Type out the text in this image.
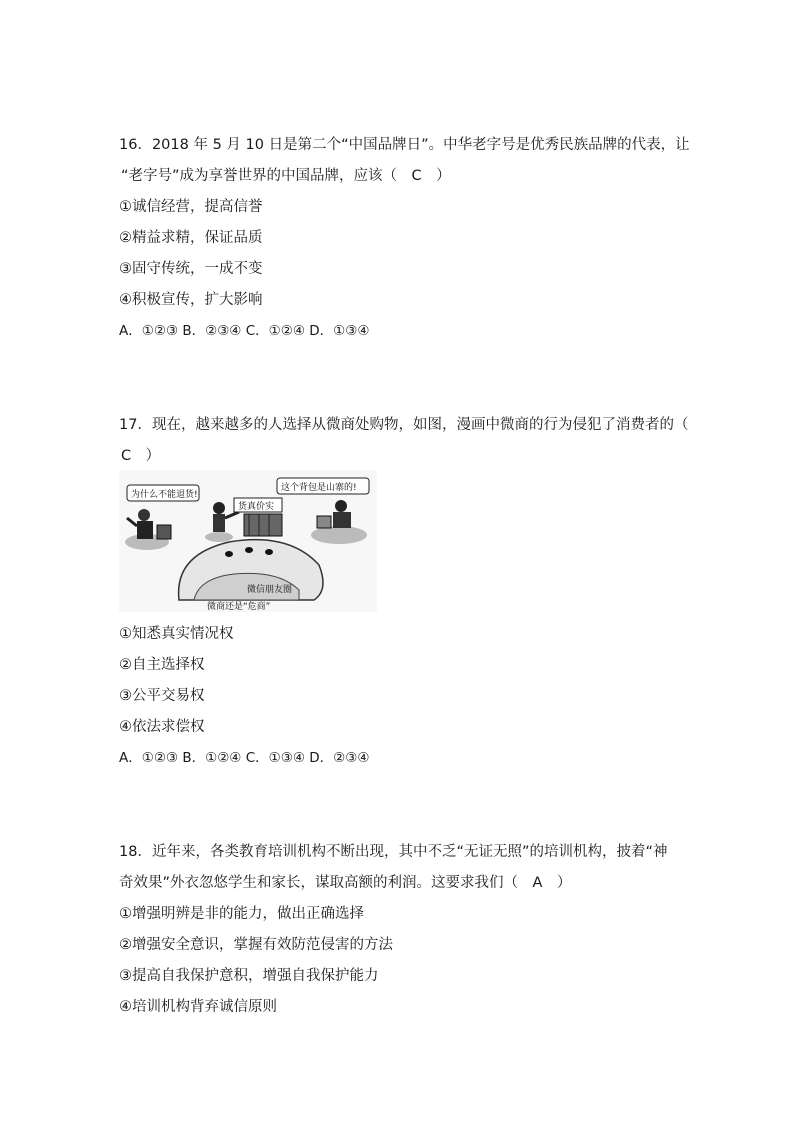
16．2018 年 5 月 10 日是第二个“中国品牌日”。中华老字号是优秀民族品牌的代表，让
“老字号”成为享誉世界的中国品牌，应该（　C　）
①诚信经营，提高信誉
②精益求精，保证品质
③固守传统，一成不变
④积极宣传，扩大影响
A．①②③ B．②③④ C．①②④ D．①③④
17．现在，越来越多的人选择从微商处购物，如图，漫画中微商的行为侵犯了消费者的（
C　）
为什么不能退货!
这个背包是山寨的!
货真价实
微信朋友圈
微商还是“危商”
①知悉真实情况权
②自主选择权
③公平交易权
④依法求偿权
A．①②③ B．①②④ C．①③④ D．②③④
18．近年来，各类教育培训机构不断出现，其中不乏“无证无照”的培训机构，披着“神
奇效果”外衣忽悠学生和家长，谋取高额的利润。这要求我们（　A　）
①增强明辨是非的能力，做出正确选择
②增强安全意识，掌握有效防范侵害的方法
③提高自我保护意积，增强自我保护能力
④培训机构背弃诚信原则
